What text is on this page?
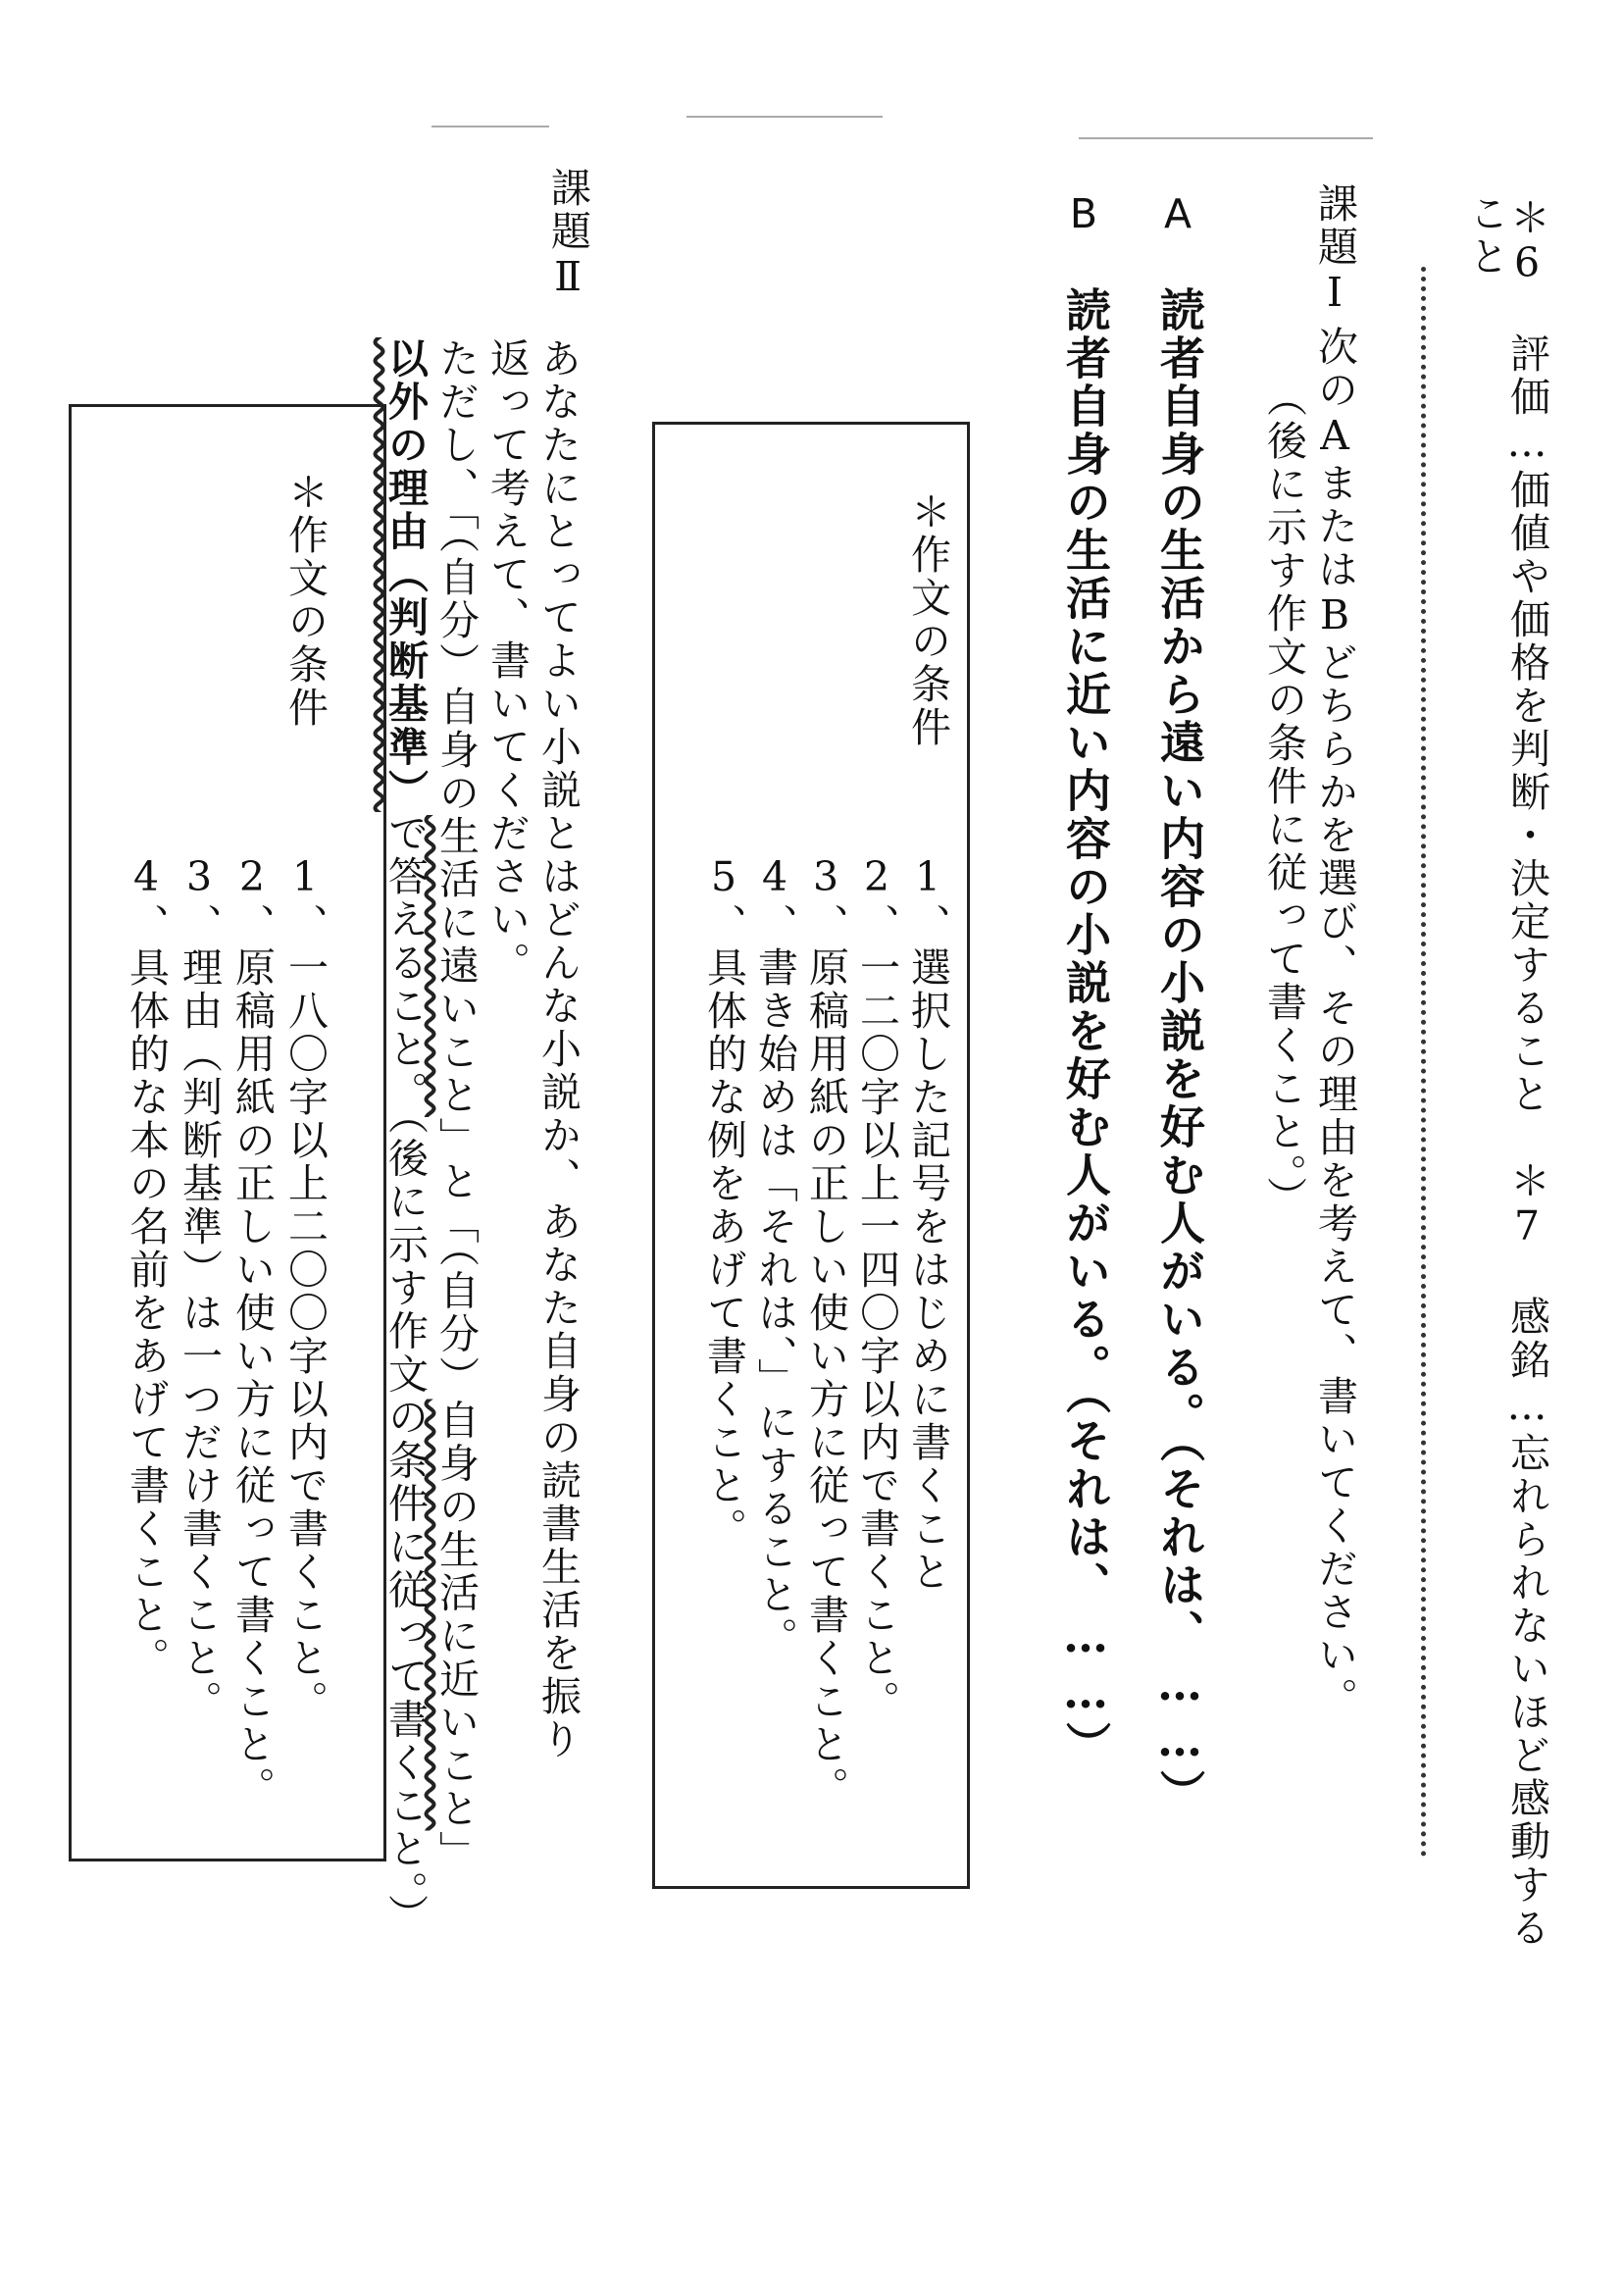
＊6　評価…価値や価格を判断・決定すること　＊7　感銘…忘れられないほど感動する
こと
課題Ⅰ
次のAまたはBどちらかを選び、その理由を考えて、書いてください。
（後に示す作文の条件に従って書くこと。）
A
読者自身の生活から遠い内容の小説を好む人がいる。（それは、……）
B
読者自身の生活に近い内容の小説を好む人がいる。（それは、……）
＊作文の条件
1、選択した記号をはじめに書くこと
2、一二〇字以上一四〇字以内で書くこと。
3、原稿用紙の正しい使い方に従って書くこと。
4、書き始めは「それは、」にすること。
5、具体的な例をあげて書くこと。
課題Ⅱ
あなたにとってよい小説とはどんな小説か、あなた自身の読書生活を振り
返って考えて、書いてください。
ただし、「（自分）自身の生活に遠いこと」と「（自分）自身の生活に近いこと」
以外の理由（判断基準）で答えること。（後に示す作文の条件に従って書くこと。）
＊作文の条件
1、一八〇字以上二〇〇字以内で書くこと。
2、原稿用紙の正しい使い方に従って書くこと。
3、理由（判断基準）は一つだけ書くこと。
4、具体的な本の名前をあげて書くこと。
